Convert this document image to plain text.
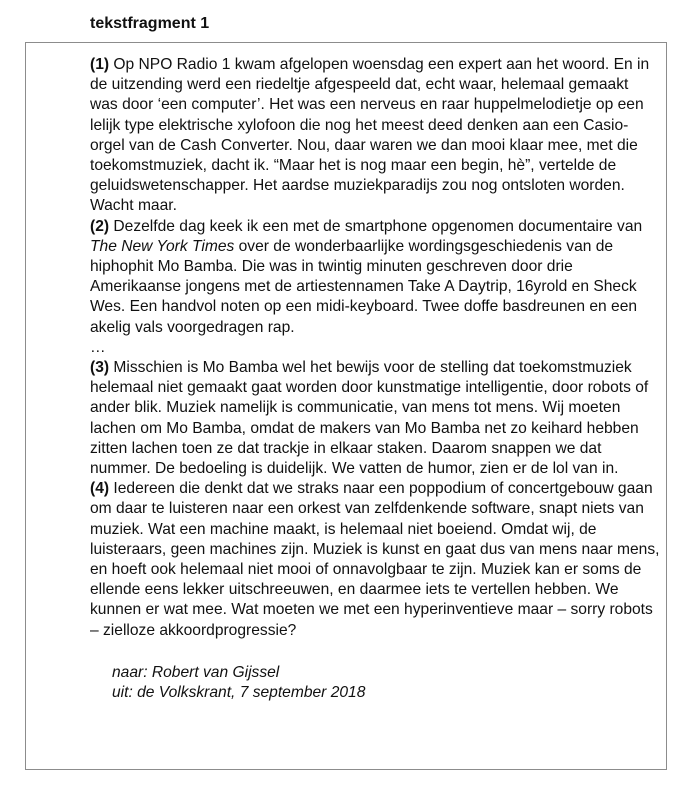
tekstfragment 1

(1) Op NPO Radio 1 kwam afgelopen woensdag een expert aan het woord. En in de uitzending werd een riedeltje afgespeeld dat, echt waar, helemaal gemaakt was door ‘een computer’. Het was een nerveus en raar huppelmelodietje op een lelijk type elektrische xylofoon die nog het meest deed denken aan een Casio-orgel van de Cash Converter. Nou, daar waren we dan mooi klaar mee, met die toekomstmuziek, dacht ik. “Maar het is nog maar een begin, hè”, vertelde de geluidswetenschapper. Het aardse muziekparadijs zou nog ontsloten worden. Wacht maar.

(2) Dezelfde dag keek ik een met de smartphone opgenomen documentaire van The New York Times over de wonderbaarlijke wordingsgeschiedenis van de hiphophit Mo Bamba. Die was in twintig minuten geschreven door drie Amerikaanse jongens met de artiestennamen Take A Daytrip, 16yrold en Sheck Wes. Een handvol noten op een midi-keyboard. Twee doffe basdreunen en een akelig vals voorgedragen rap.

…

(3) Misschien is Mo Bamba wel het bewijs voor de stelling dat toekomstmuziek helemaal niet gemaakt gaat worden door kunstmatige intelligentie, door robots of ander blik. Muziek namelijk is communicatie, van mens tot mens. Wij moeten lachen om Mo Bamba, omdat de makers van Mo Bamba net zo keihard hebben zitten lachen toen ze dat trackje in elkaar staken. Daarom snappen we dat nummer. De bedoeling is duidelijk. We vatten de humor, zien er de lol van in.

(4) Iedereen die denkt dat we straks naar een poppodium of concertgebouw gaan om daar te luisteren naar een orkest van zelfdenkende software, snapt niets van muziek. Wat een machine maakt, is helemaal niet boeiend. Omdat wij, de luisteraars, geen machines zijn. Muziek is kunst en gaat dus van mens naar mens, en hoeft ook helemaal niet mooi of onnavolgbaar te zijn. Muziek kan er soms de ellende eens lekker uitschreeuwen, en daarmee iets te vertellen hebben. We kunnen er wat mee. Wat moeten we met een hyperinventieve maar – sorry robots – zielloze akkoordprogressie?

naar: Robert van Gijssel
uit: de Volkskrant, 7 september 2018
